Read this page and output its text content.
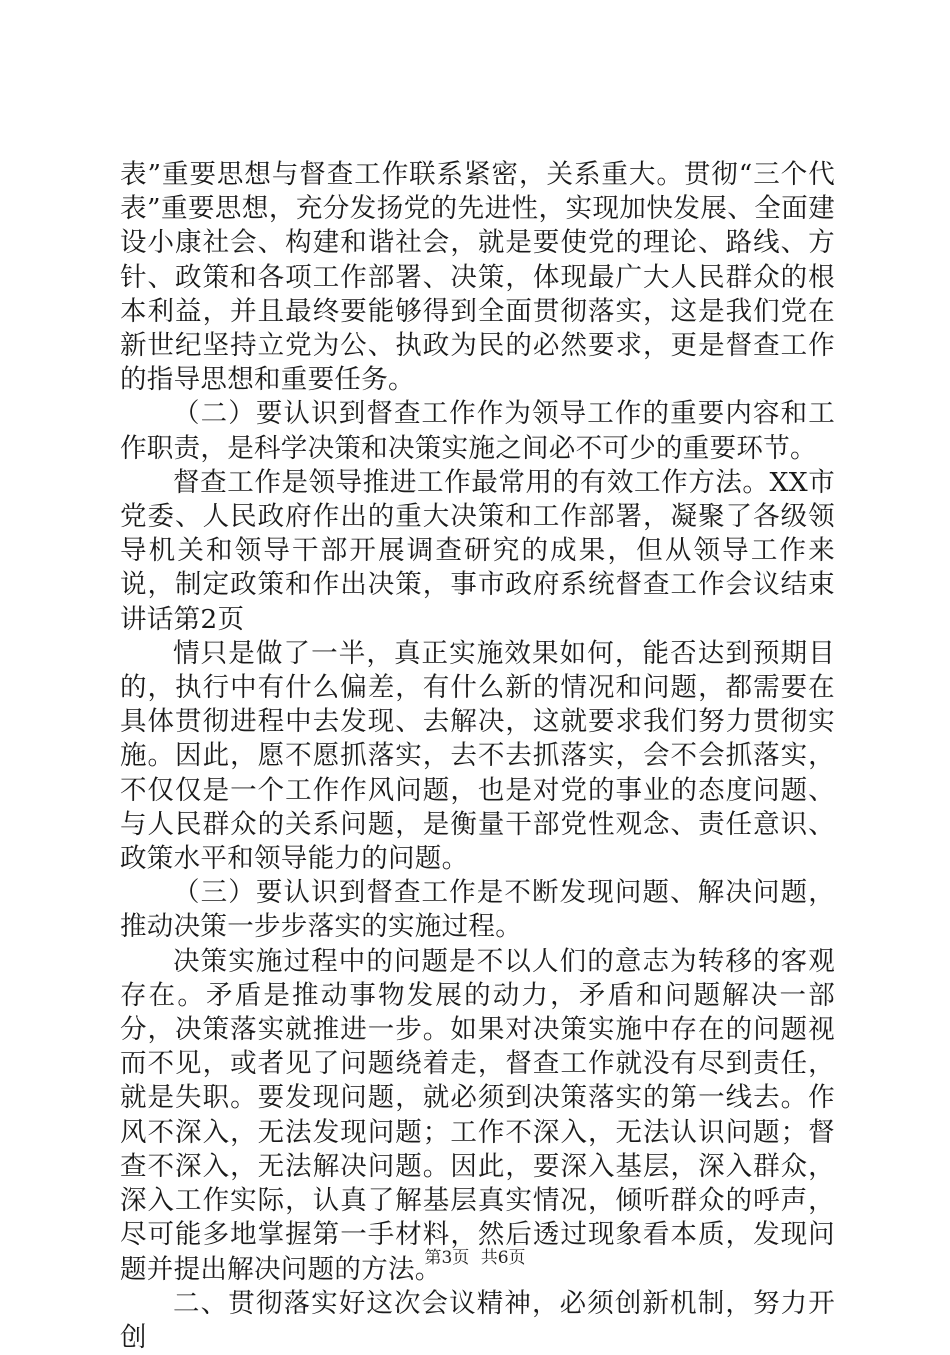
表”重要思想与督查工作联系紧密，关系重大。贯彻“三个代表”重要思想，充分发扬党的先进性，实现加快发展、全面建设小康社会、构建和谐社会，就是要使党的理论、路线、方针、政策和各项工作部署、决策，体现最广大人民群众的根本利益，并且最终要能够得到全面贯彻落实，这是我们党在新世纪坚持立党为公、执政为民的必然要求，更是督查工作的指导思想和重要任务。

（二）要认识到督查工作作为领导工作的重要内容和工作职责，是科学决策和决策实施之间必不可少的重要环节。

督查工作是领导推进工作最常用的有效工作方法。XX市党委、人民政府作出的重大决策和工作部署，凝聚了各级领导机关和领导干部开展调查研究的成果，但从领导工作来说，制定政策和作出决策，事市政府系统督查工作会议结束讲话第2页

情只是做了一半，真正实施效果如何，能否达到预期目的，执行中有什么偏差，有什么新的情况和问题，都需要在具体贯彻进程中去发现、去解决，这就要求我们努力贯彻实施。因此，愿不愿抓落实，去不去抓落实，会不会抓落实，不仅仅是一个工作作风问题，也是对党的事业的态度问题、与人民群众的关系问题，是衡量干部党性观念、责任意识、政策水平和领导能力的问题。

（三）要认识到督查工作是不断发现问题、解决问题，推动决策一步步落实的实施过程。

决策实施过程中的问题是不以人们的意志为转移的客观存在。矛盾是推动事物发展的动力，矛盾和问题解决一部分，决策落实就推进一步。如果对决策实施中存在的问题视而不见，或者见了问题绕着走，督查工作就没有尽到责任，就是失职。要发现问题，就必须到决策落实的第一线去。作风不深入，无法发现问题；工作不深入，无法认识问题；督查不深入，无法解决问题。因此，要深入基层，深入群众，深入工作实际，认真了解基层真实情况，倾听群众的呼声，尽可能多地掌握第一手材料，然后透过现象看本质，发现问题并提出解决问题的方法。

二、贯彻落实好这次会议精神，必须创新机制，努力开创

第3页 共6页
